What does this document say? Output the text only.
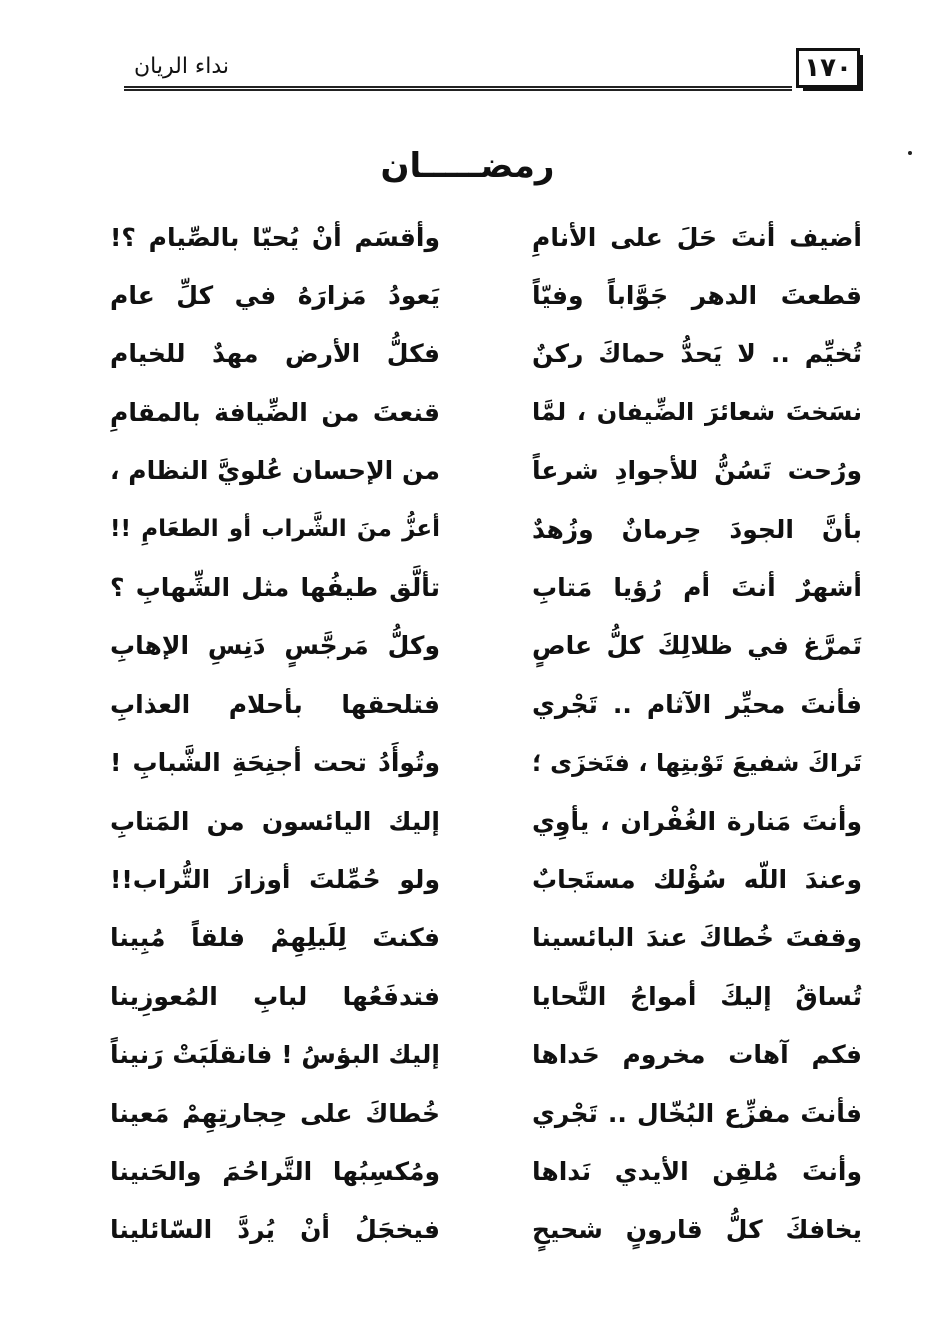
١٧٠
نداء الريان
رمضـــــان
أضيف أنتَ حَلَ على الأنامِ
وأقسَم أنْ يُحيّا بالصِّيام ؟!
قطعتَ الدهر جَوَّاباً وفيّاً
يَعودُ مَزارَهُ في كلِّ عام
تُخيِّم .. لا يَحدُّ حماكَ ركنٌ
فكلُّ الأرض مهدٌ للخيام
نسَختَ شعائرَ الضِّيفان ، لمَّا
قنعتَ من الضِّيافة بالمقامِ
ورُحت تَسُنُّ للأجوادِ شرعاً
من الإحسان عُلويَّ النظام ،
بأنَّ الجودَ حِرمانٌ وزُهدٌ
أعزُّ منَ الشَّراب أو الطعَامِ !!
أشهرٌ أنتَ أم رُؤيا مَتابِ
تألَّق طيفُها مثل الشِّهابِ ؟
تَمرَّغ في ظلالِكَ كلُّ عاصٍ
وكلُّ مَرجَّسٍ دَنِسِ الإهابِ
فأنتَ محيِّر الآثام .. تَجْري
فتلحقها بأحلام العذابِ
تَراكَ شفيعَ تَوْبتِها ، فتَخزَى ؛
وتُوأَدُ تحت أجنِحَةِ الشَّبابِ !
وأنتَ مَنارة الغُفْران ، يأوِي
إليك اليائسون من المَتابِ
وعندَ اللّه سُؤْلك مستَجابٌ
ولو حُمِّلتَ أوزارَ التُّراب!!
وقفتَ خُطاكَ عندَ البائسينا
فكنتَ لِلَيلِهِمْ فلقاً مُبِينا
تُساقُ إليكَ أمواجُ التَّحايا
فتدفَعُها لبابِ المُعوزِينا
فكم آهات مخروم حَداها
إليك البؤسُ ! فانقلَبَتْ رَنيناً
فأنتَ مفزِّع البُخّال .. تَجْري
خُطاكَ على حِجارتِهِمْ مَعينا
وأنتَ مُلقِن الأيدي نَداها
ومُكسِبُها التَّراحُمَ والحَنينا
يخافكَ كلُّ قارونٍ شحيحٍ
فيخجَلُ أنْ يُردَّ السّائلينا
